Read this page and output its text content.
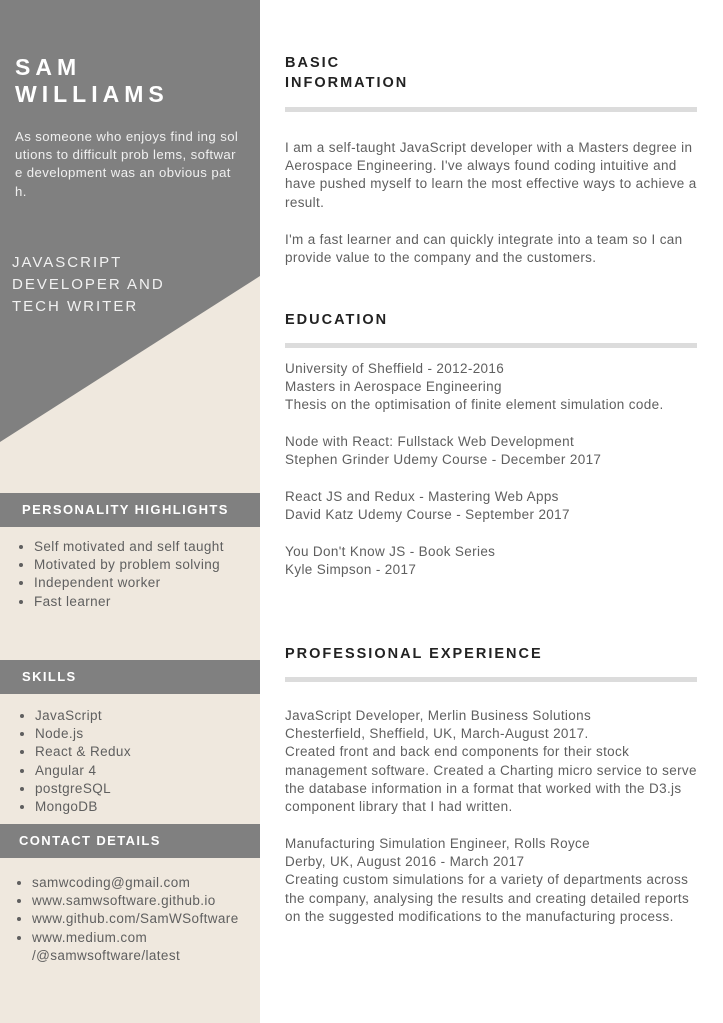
SAM
WILLIAMS

As someone who enjoys find ing solutions to difficult prob lems, software development was an obvious path.

JAVASCRIPT
DEVELOPER AND
TECH WRITER

PERSONALITY HIGHLIGHTS
• Self motivated and self taught
• Motivated by problem solving
• Independent worker
• Fast learner
SKILLS
• JavaScript
• Node.js
• React & Redux
• Angular 4
• postgreSQL
• MongoDB
CONTACT DETAILS
• samwcoding@gmail.com
• www.samwsoftware.github.io
• www.github.com/SamWSoftware
• www.medium.com /@samwsoftware/latest
BASIC
INFORMATION

I am a self-taught JavaScript developer with a Masters degree in Aerospace Engineering. I've always found coding intuitive and have pushed myself to learn the most effective ways to achieve a result.

I'm a fast learner and can quickly integrate into a team so I can provide value to the company and the customers.

EDUCATION
University of Sheffield - 2012-2016
Masters in Aerospace Engineering
Thesis on the optimisation of finite element simulation code.
Node with React: Fullstack Web Development
Stephen Grinder Udemy Course - December 2017
React JS and Redux - Mastering Web Apps
David Katz Udemy Course - September 2017
You Don't Know JS - Book Series
Kyle Simpson - 2017
PROFESSIONAL EXPERIENCE
JavaScript Developer, Merlin Business Solutions
Chesterfield, Sheffield, UK, March-August 2017.
Created front and back end components for their stock management software. Created a Charting micro service to serve the database information in a format that worked with the D3.js component library that I had written.
Manufacturing Simulation Engineer, Rolls Royce
Derby, UK, August 2016 - March 2017
Creating custom simulations for a variety of departments across the company, analysing the results and creating detailed reports on the suggested modifications to the manufacturing process.
